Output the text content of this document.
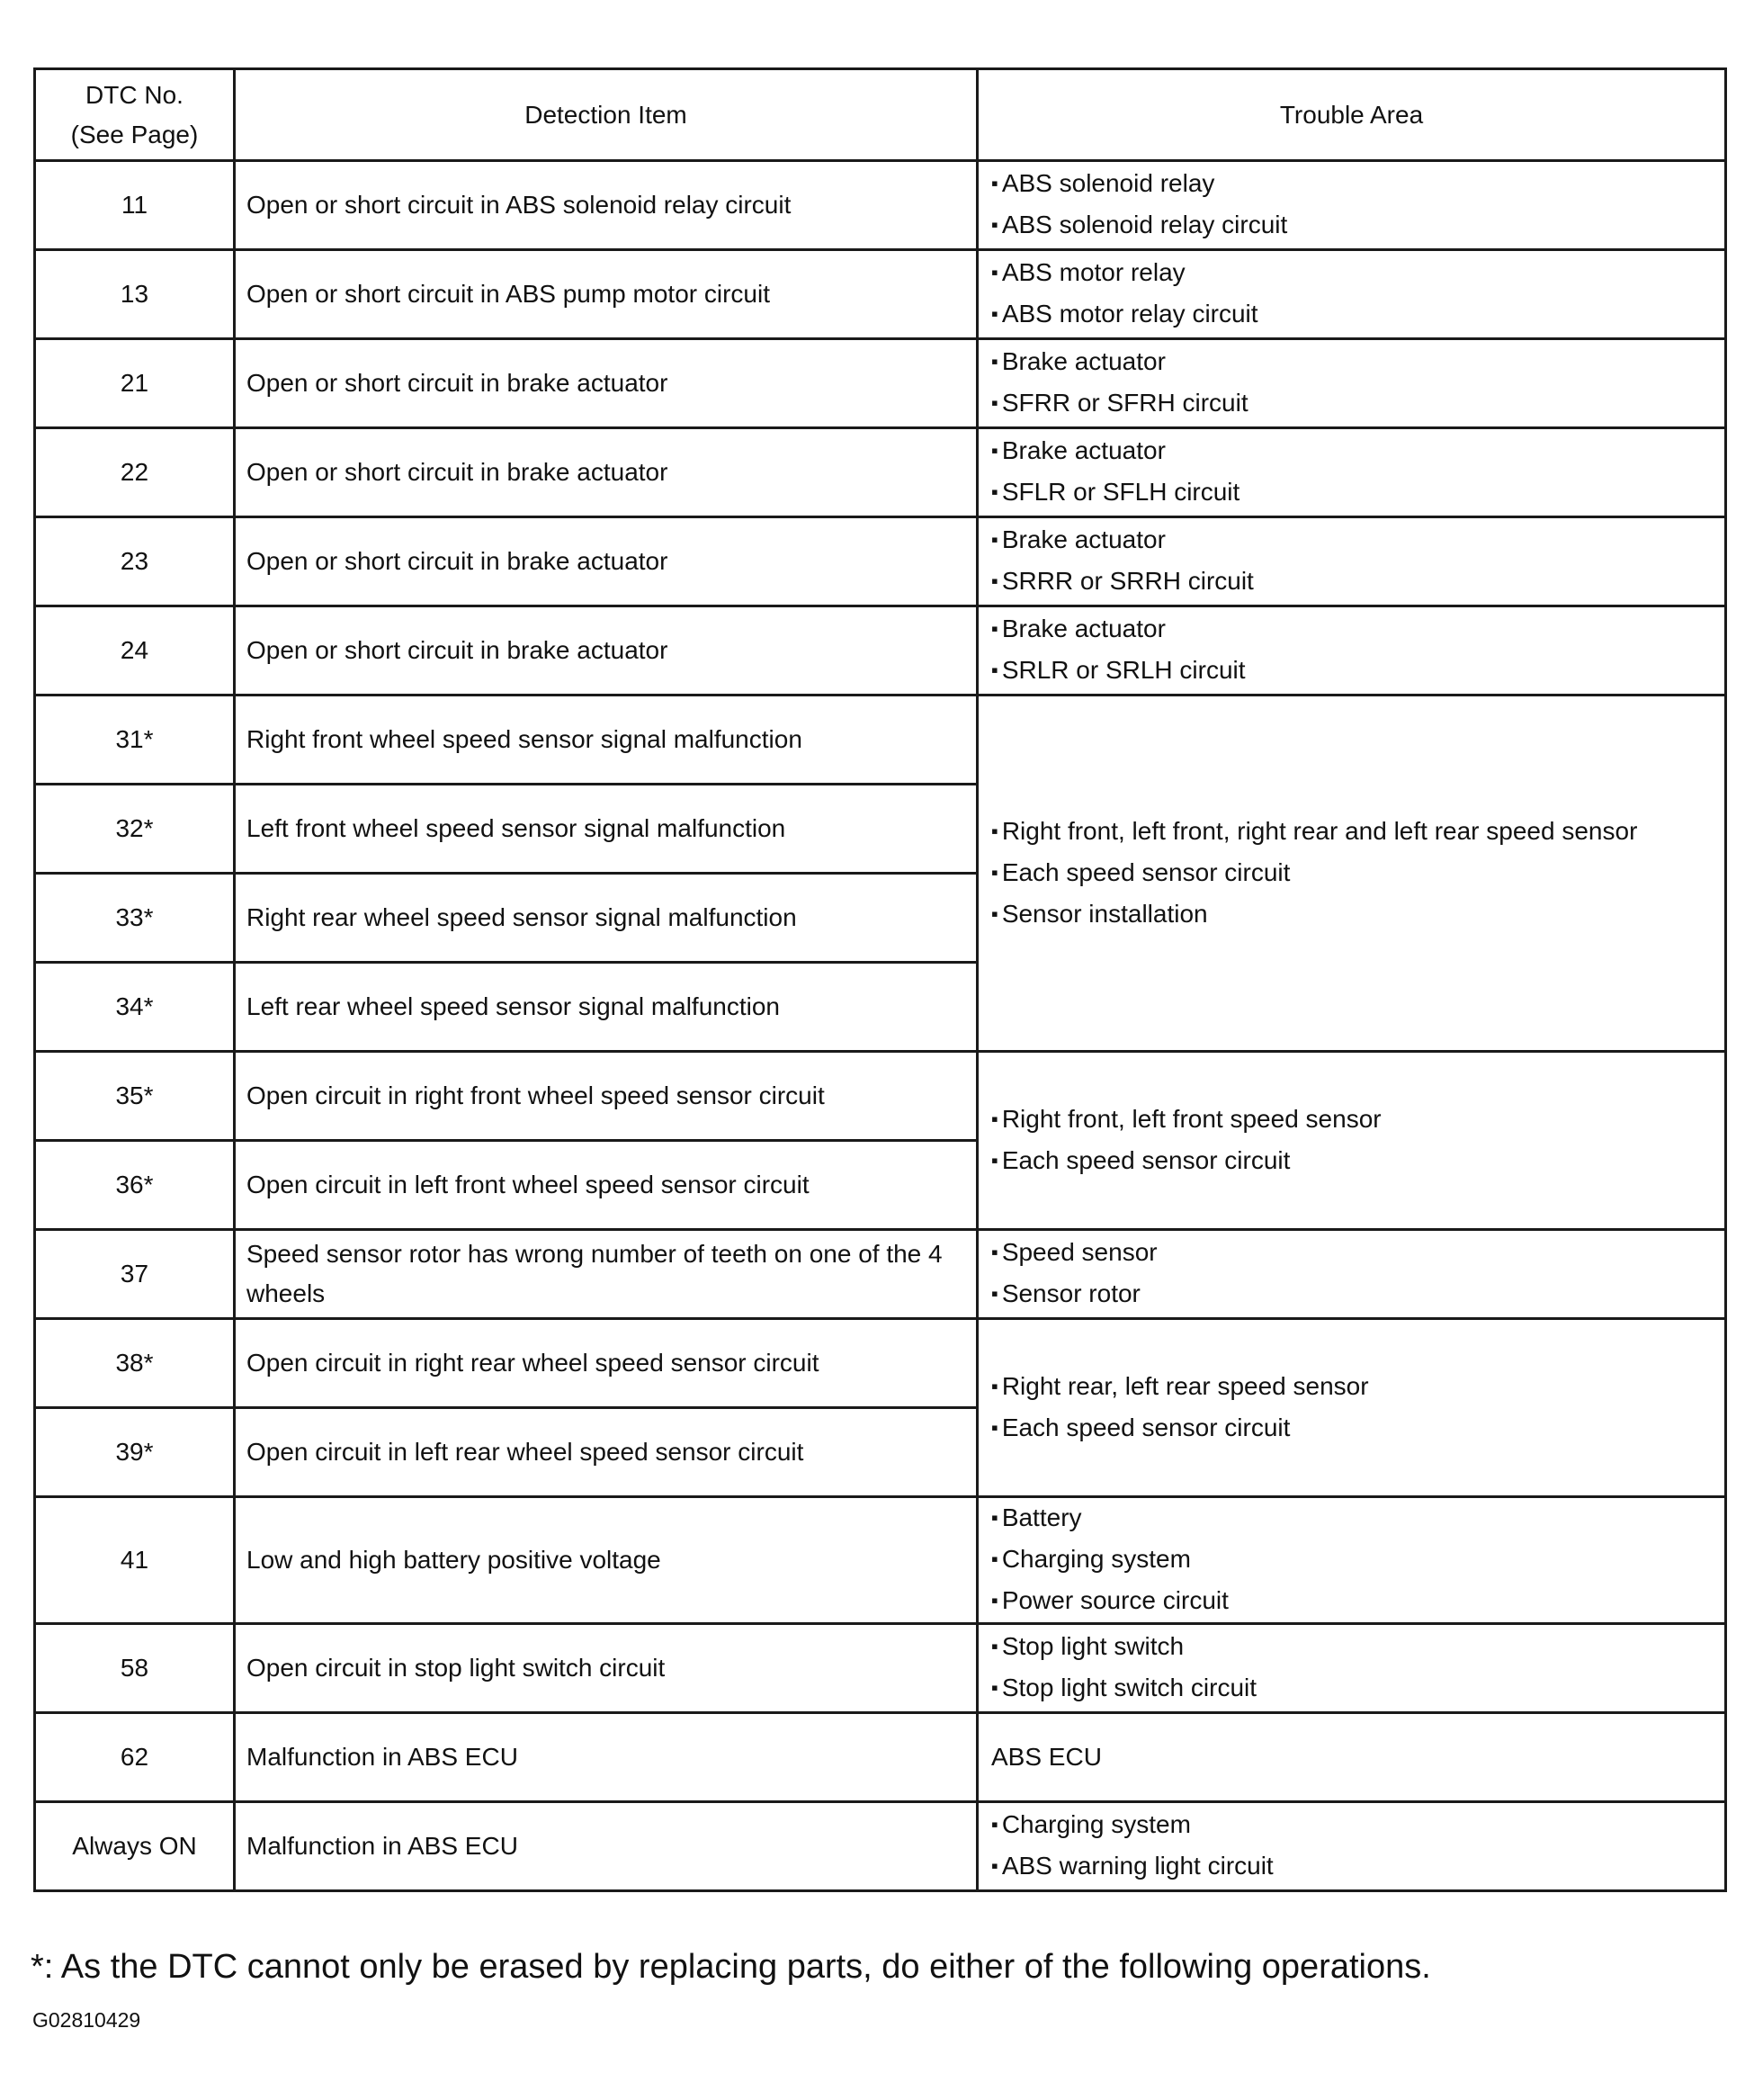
DTC No.
(See Page)	Detection Item	Trouble Area
11	Open or short circuit in ABS solenoid relay circuit	▪ ABS solenoid relay
▪ ABS solenoid relay circuit

13	Open or short circuit in ABS pump motor circuit	▪ ABS motor relay
▪ ABS motor relay circuit

21	Open or short circuit in brake actuator	▪ Brake actuator
▪ SFRR or SFRH circuit

22	Open or short circuit in brake actuator	▪ Brake actuator
▪ SFLR or SFLH circuit

23	Open or short circuit in brake actuator	▪ Brake actuator
▪ SRRR or SRRH circuit

24	Open or short circuit in brake actuator	▪ Brake actuator
▪ SRLR or SRLH circuit

31*	Right front wheel speed sensor signal malfunction	▪ Right front, left front, right rear and left rear speed sensor
▪ Each speed sensor circuit
▪ Sensor installation

32*	Left front wheel speed sensor signal malfunction	
33*	Right rear wheel speed sensor signal malfunction	
34*	Left rear wheel speed sensor signal malfunction	
35*	Open circuit in right front wheel speed sensor circuit	▪ Right front, left front speed sensor
▪ Each speed sensor circuit

36*	Open circuit in left front wheel speed sensor circuit	
37	Speed sensor rotor has wrong number of teeth on one of the 4 wheels	▪ Speed sensor
▪ Sensor rotor

38*	Open circuit in right rear wheel speed sensor circuit	▪ Right rear, left rear speed sensor
▪ Each speed sensor circuit

39*	Open circuit in left rear wheel speed sensor circuit	
41	Low and high battery positive voltage	▪ Battery
▪ Charging system
▪ Power source circuit

58	Open circuit in stop light switch circuit	▪ Stop light switch
▪ Stop light switch circuit

62	Malfunction in ABS ECU	ABS ECU

Always ON	Malfunction in ABS ECU	▪ Charging system
▪ ABS warning light circuit
*: As the DTC cannot only be erased by replacing parts, do either of the following operations.
G02810429
